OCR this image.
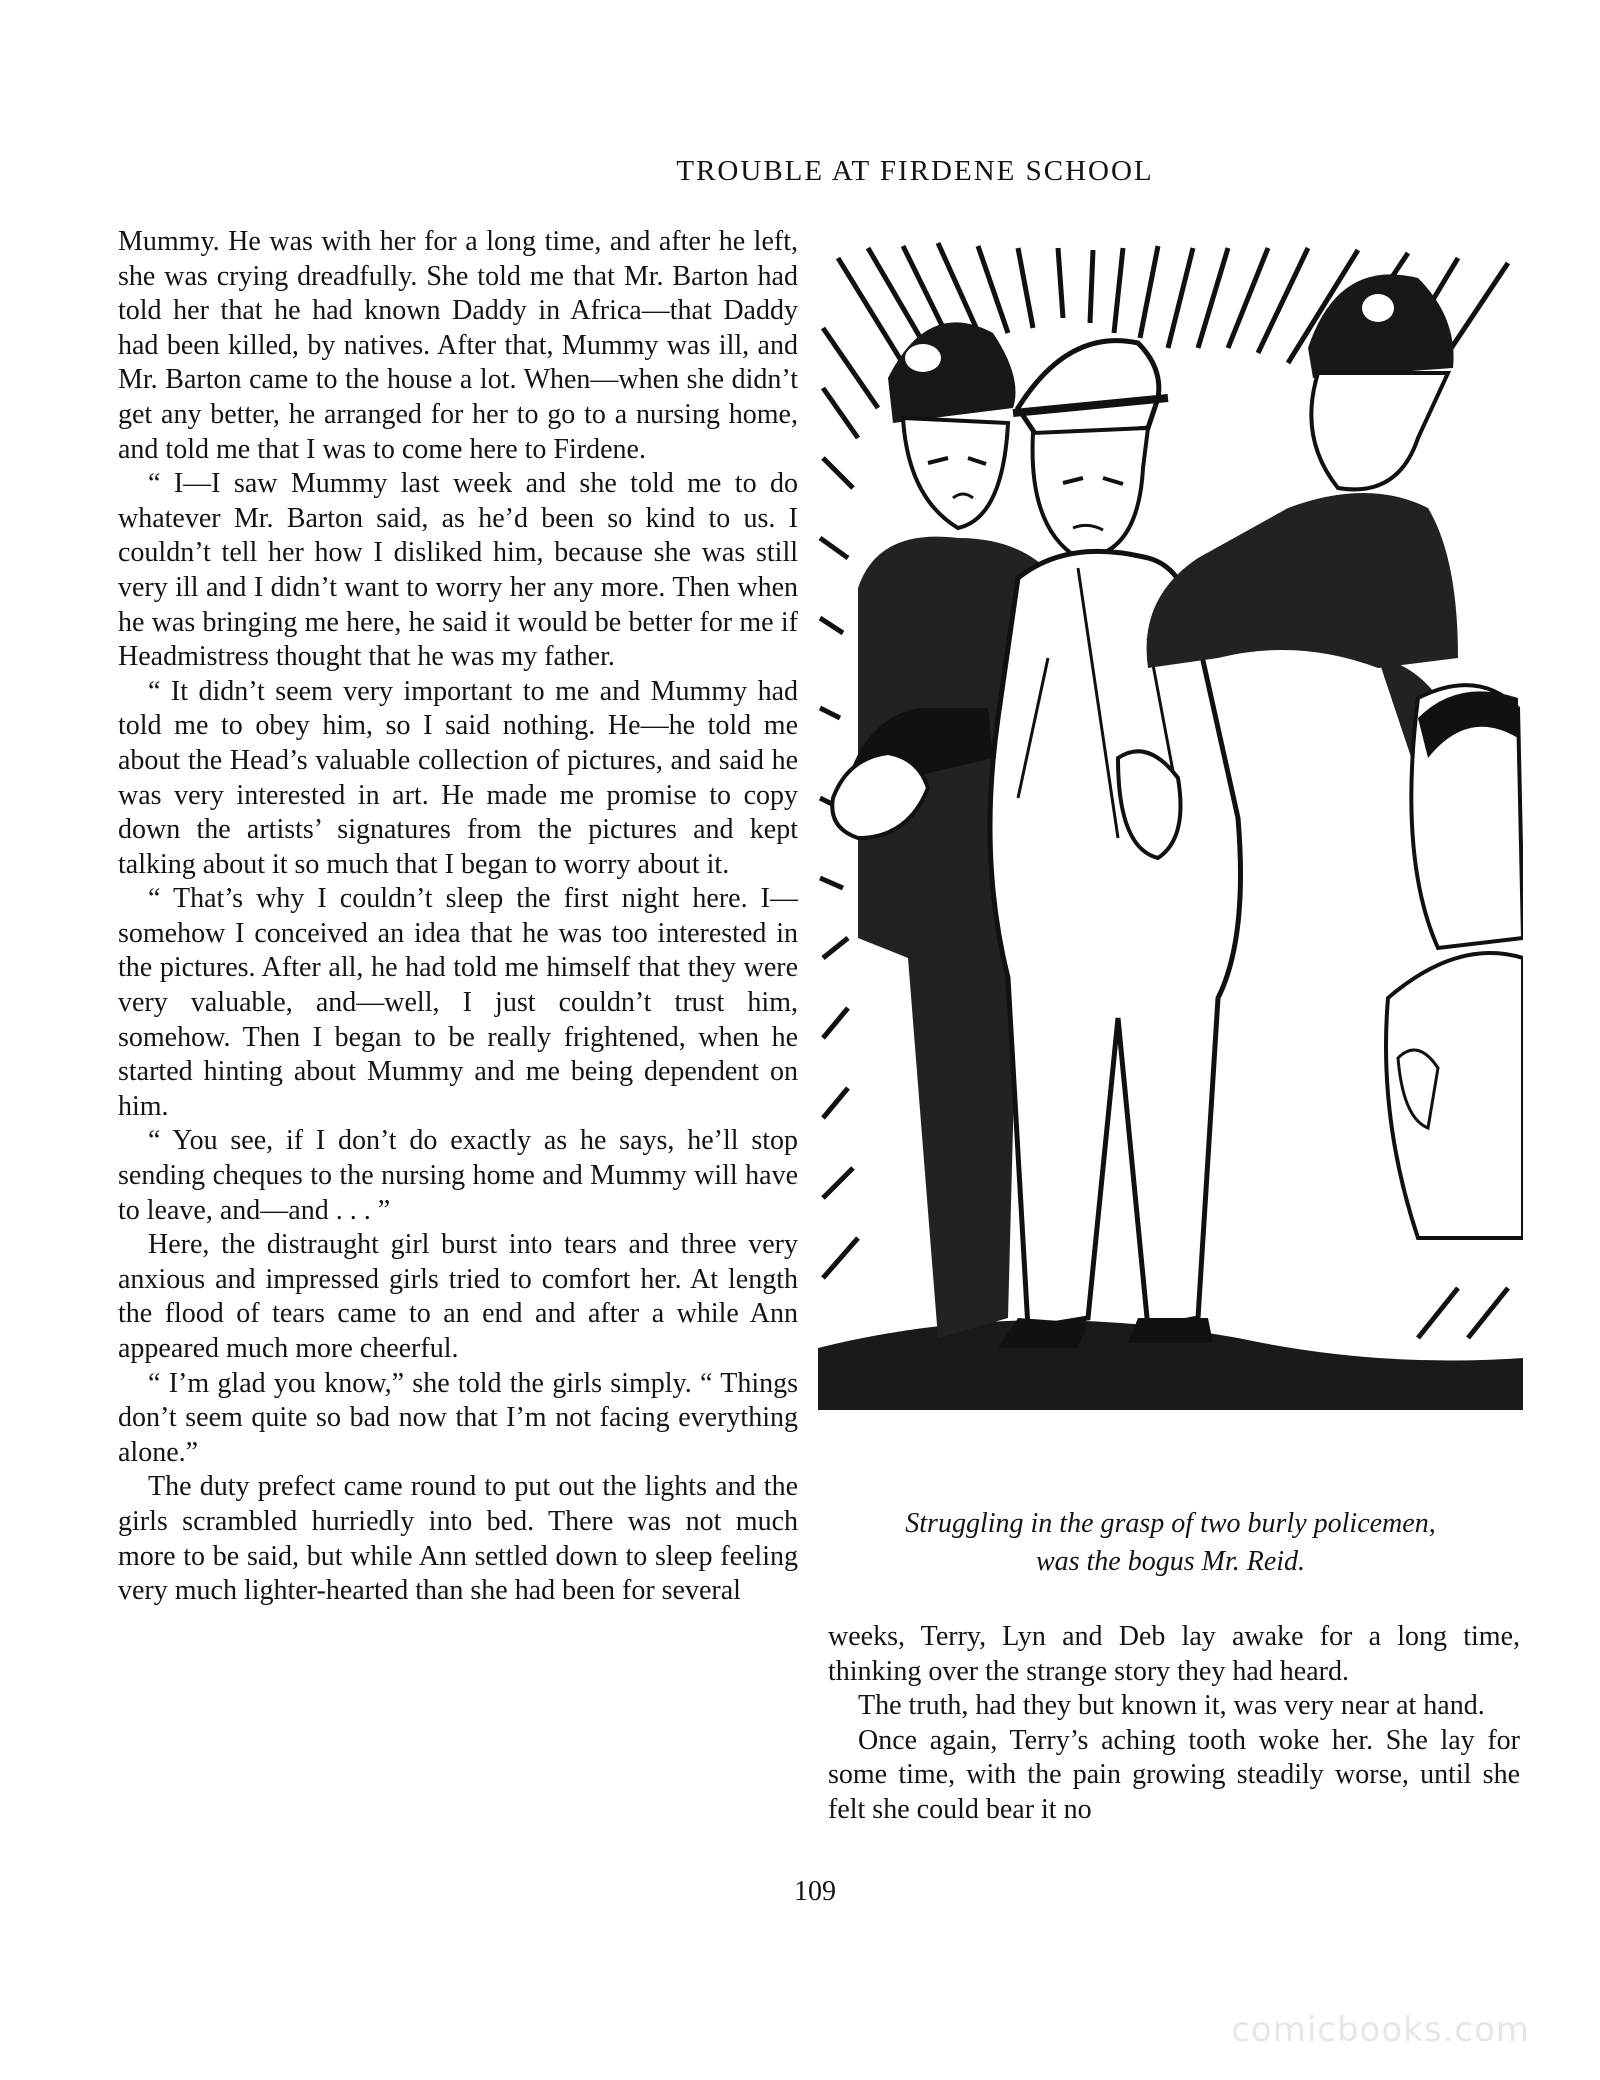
TROUBLE AT FIRDENE SCHOOL

Mummy. He was with her for a long time, and after he left, she was crying dreadfully. She told me that Mr. Barton had told her that he had known Daddy in Africa—that Daddy had been killed, by natives. After that, Mummy was ill, and Mr. Barton came to the house a lot. When—when she didn’t get any better, he arranged for her to go to a nursing home, and told me that I was to come here to Firdene.

“ I—I saw Mummy last week and she told me to do whatever Mr. Barton said, as he’d been so kind to us. I couldn’t tell her how I disliked him, because she was still very ill and I didn’t want to worry her any more. Then when he was bringing me here, he said it would be better for me if Headmistress thought that he was my father.

“ It didn’t seem very important to me and Mummy had told me to obey him, so I said nothing. He—he told me about the Head’s valuable collection of pictures, and said he was very interested in art. He made me promise to copy down the artists’ signatures from the pictures and kept talking about it so much that I began to worry about it.

“ That’s why I couldn’t sleep the first night here. I—somehow I conceived an idea that he was too interested in the pictures. After all, he had told me himself that they were very valuable, and—well, I just couldn’t trust him, somehow. Then I began to be really frightened, when he started hinting about Mummy and me being dependent on him.

“ You see, if I don’t do exactly as he says, he’ll stop sending cheques to the nursing home and Mummy will have to leave, and—and . . . ”

Here, the distraught girl burst into tears and three very anxious and impressed girls tried to comfort her. At length the flood of tears came to an end and after a while Ann appeared much more cheerful.

“ I’m glad you know,” she told the girls simply. “ Things don’t seem quite so bad now that I’m not facing everything alone.”

The duty prefect came round to put out the lights and the girls scrambled hurriedly into bed. There was not much more to be said, but while Ann settled down to sleep feeling very much lighter-hearted than she had been for several

Struggling in the grasp of two burly policemen,
was the bogus Mr. Reid.

weeks, Terry, Lyn and Deb lay awake for a long time, thinking over the strange story they had heard.

The truth, had they but known it, was very near at hand.

Once again, Terry’s aching tooth woke her. She lay for some time, with the pain growing steadily worse, until she felt she could bear it no

109
comicbooks.com
